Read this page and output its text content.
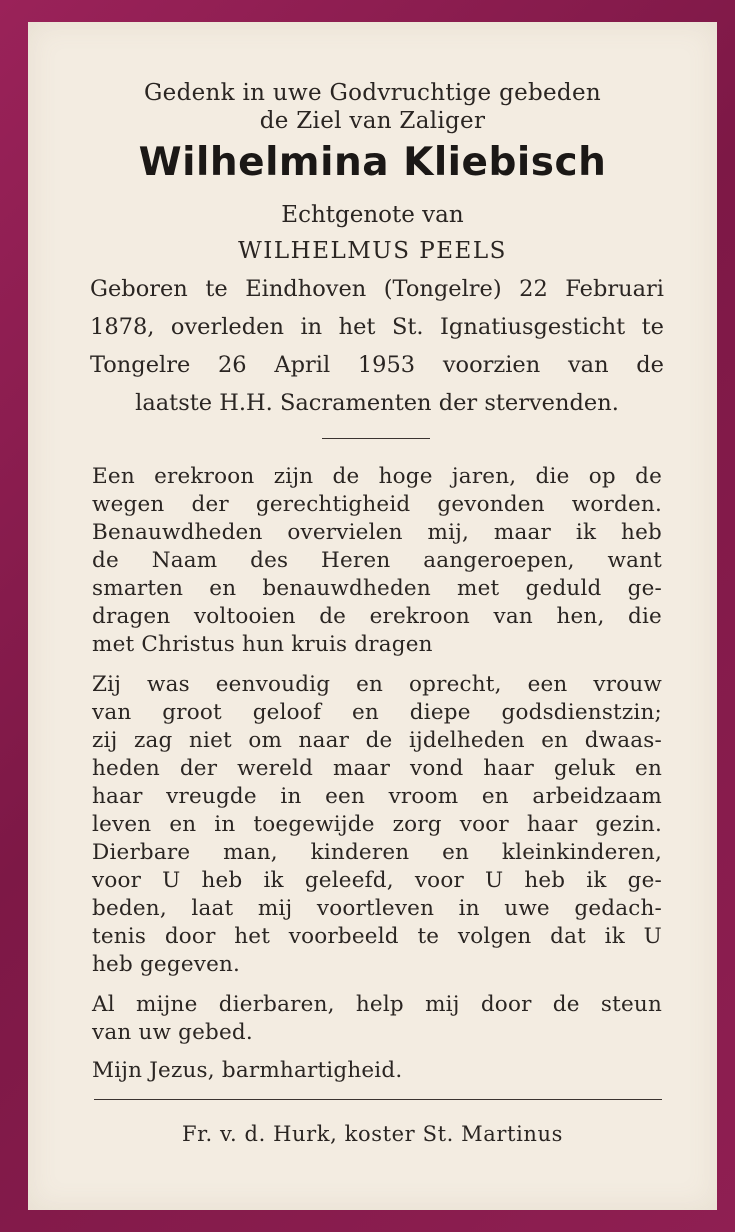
Gedenk in uwe Godvruchtige gebeden
de Ziel van Zaliger
Wilhelmina Kliebisch
Echtgenote van
WILHELMUS PEELS
Geboren te Eindhoven (Tongelre) 22 Februari
1878, overleden in het St. Ignatiusgesticht te
Tongelre 26 April 1953 voorzien van de
laatste H.H. Sacramenten der stervenden.
Een erekroon zijn de hoge jaren, die op de
wegen der gerechtigheid gevonden worden.
Benauwdheden overvielen mij, maar ik heb
de Naam des Heren aangeroepen, want
smarten en benauwdheden met geduld ge-
dragen voltooien de erekroon van hen, die
met Christus hun kruis dragen
Zij was eenvoudig en oprecht, een vrouw
van groot geloof en diepe godsdienstzin;
zij zag niet om naar de ijdelheden en dwaas-
heden der wereld maar vond haar geluk en
haar vreugde in een vroom en arbeidzaam
leven en in toegewijde zorg voor haar gezin.
Dierbare man, kinderen en kleinkinderen,
voor U heb ik geleefd, voor U heb ik ge-
beden, laat mij voortleven in uwe gedach-
tenis door het voorbeeld te volgen dat ik U
heb gegeven.
Al mijne dierbaren, help mij door de steun
van uw gebed.
Mijn Jezus, barmhartigheid.
Fr. v. d. Hurk, koster St. Martinus
